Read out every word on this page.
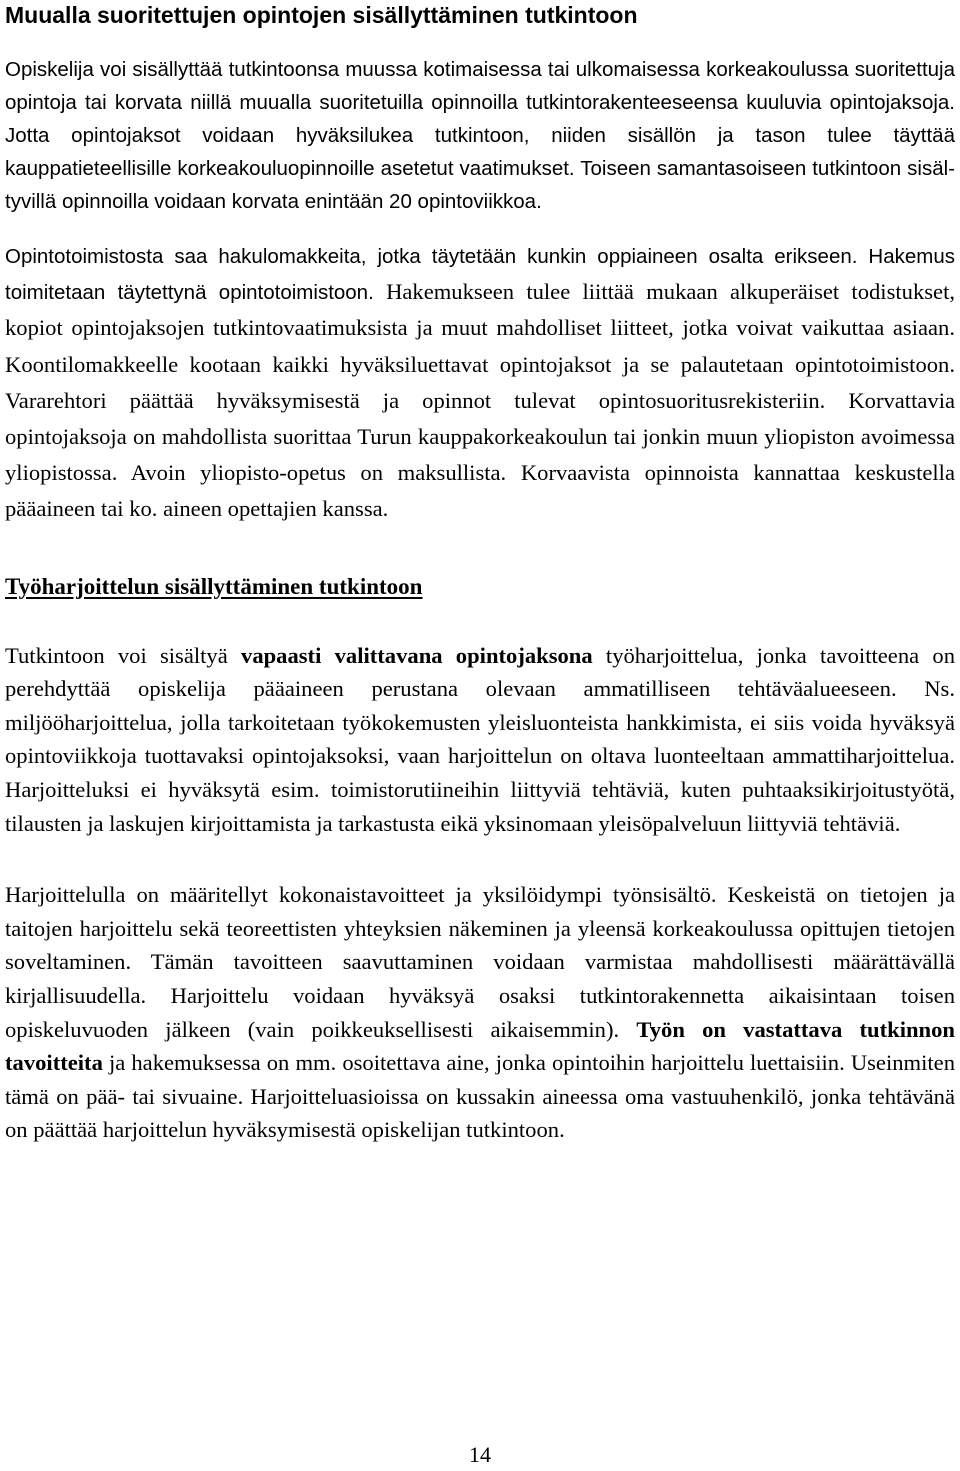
Muualla suoritettujen opintojen sisällyttäminen tutkintoon

Opiskelija voi sisällyttää tutkintoonsa muussa kotimaisessa tai ulkomaisessa korkeakoulussa suoritettuja opintoja tai korvata niillä muualla suoritetuilla opinnoilla tutkintorakenteeseensa kuuluvia opintojaksoja. Jotta opintojaksot voidaan hyväksilukea tutkintoon, niiden sisällön ja tason tulee täyttää kauppatieteellisille korkeakouluopinnoille asetetut vaatimukset. Toiseen samantasoiseen tutkintoon sisältyvillä opinnoilla voidaan korvata enintään 20 opintoviikkoa.

Opintotoimistosta saa hakulomakkeita, jotka täytetään kunkin oppiaineen osalta erikseen. Hakemus toimitetaan täytettynä opintotoimistoon. Hakemukseen tulee liittää mukaan alkuperäiset todistukset, kopiot opintojaksojen tutkintovaatimuksista ja muut mahdolliset liitteet, jotka voivat vaikuttaa asiaan. Koontilomakkeelle kootaan kaikki hyväksiluettavat opintojaksot ja se palautetaan opintotoimistoon. Vararehtori päättää hyväksymisestä ja opinnot tulevat opintosuoritusrekisteriin. Korvattavia opintojaksoja on mahdollista suorittaa Turun kauppakorkeakoulun tai jonkin muun yliopiston avoimessa yliopistossa. Avoin yliopisto-opetus on maksullista. Korvaavista opinnoista kannattaa keskustella pääaineen tai ko. aineen opettajien kanssa.

Työharjoittelun sisällyttäminen tutkintoon

Tutkintoon voi sisältyä vapaasti valittavana opintojaksona työharjoittelua, jonka tavoitteena on perehdyttää opiskelija pääaineen perustana olevaan ammatilliseen tehtäväalueeseen. Ns. miljööharjoittelua, jolla tarkoitetaan työkokemusten yleisluonteista hankkimista, ei siis voida hyväksyä opintoviikkoja tuottavaksi opintojaksoksi, vaan harjoittelun on oltava luonteeltaan ammattiharjoittelua. Harjoitteluksi ei hyväksytä esim. toimistorutiineihin liittyviä tehtäviä, kuten puhtaaksikirjoitustyötä, tilausten ja laskujen kirjoittamista ja tarkastusta eikä yksinomaan yleisöpalveluun liittyviä tehtäviä.

Harjoittelulla on määritellyt kokonaistavoitteet ja yksilöidympi työnsisältö. Keskeistä on tietojen ja taitojen harjoittelu sekä teoreettisten yhteyksien näkeminen ja yleensä korkeakoulussa opittujen tietojen soveltaminen. Tämän tavoitteen saavuttaminen voidaan varmistaa mahdollisesti määrättävällä kirjallisuudella. Harjoittelu voidaan hyväksyä osaksi tutkintorakennetta aikaisintaan toisen opiskeluvuoden jälkeen (vain poikkeuksellisesti aikaisemmin). Työn on vastattava tutkinnon tavoitteita ja hakemuksessa on mm. osoitettava aine, jonka opintoihin harjoittelu luettaisiin. Useinmiten tämä on pää- tai sivuaine. Harjoitteluasioissa on kussakin aineessa oma vastuuhenkilö, jonka tehtävänä on päättää harjoittelun hyväksymisestä opiskelijan tutkintoon.

14
